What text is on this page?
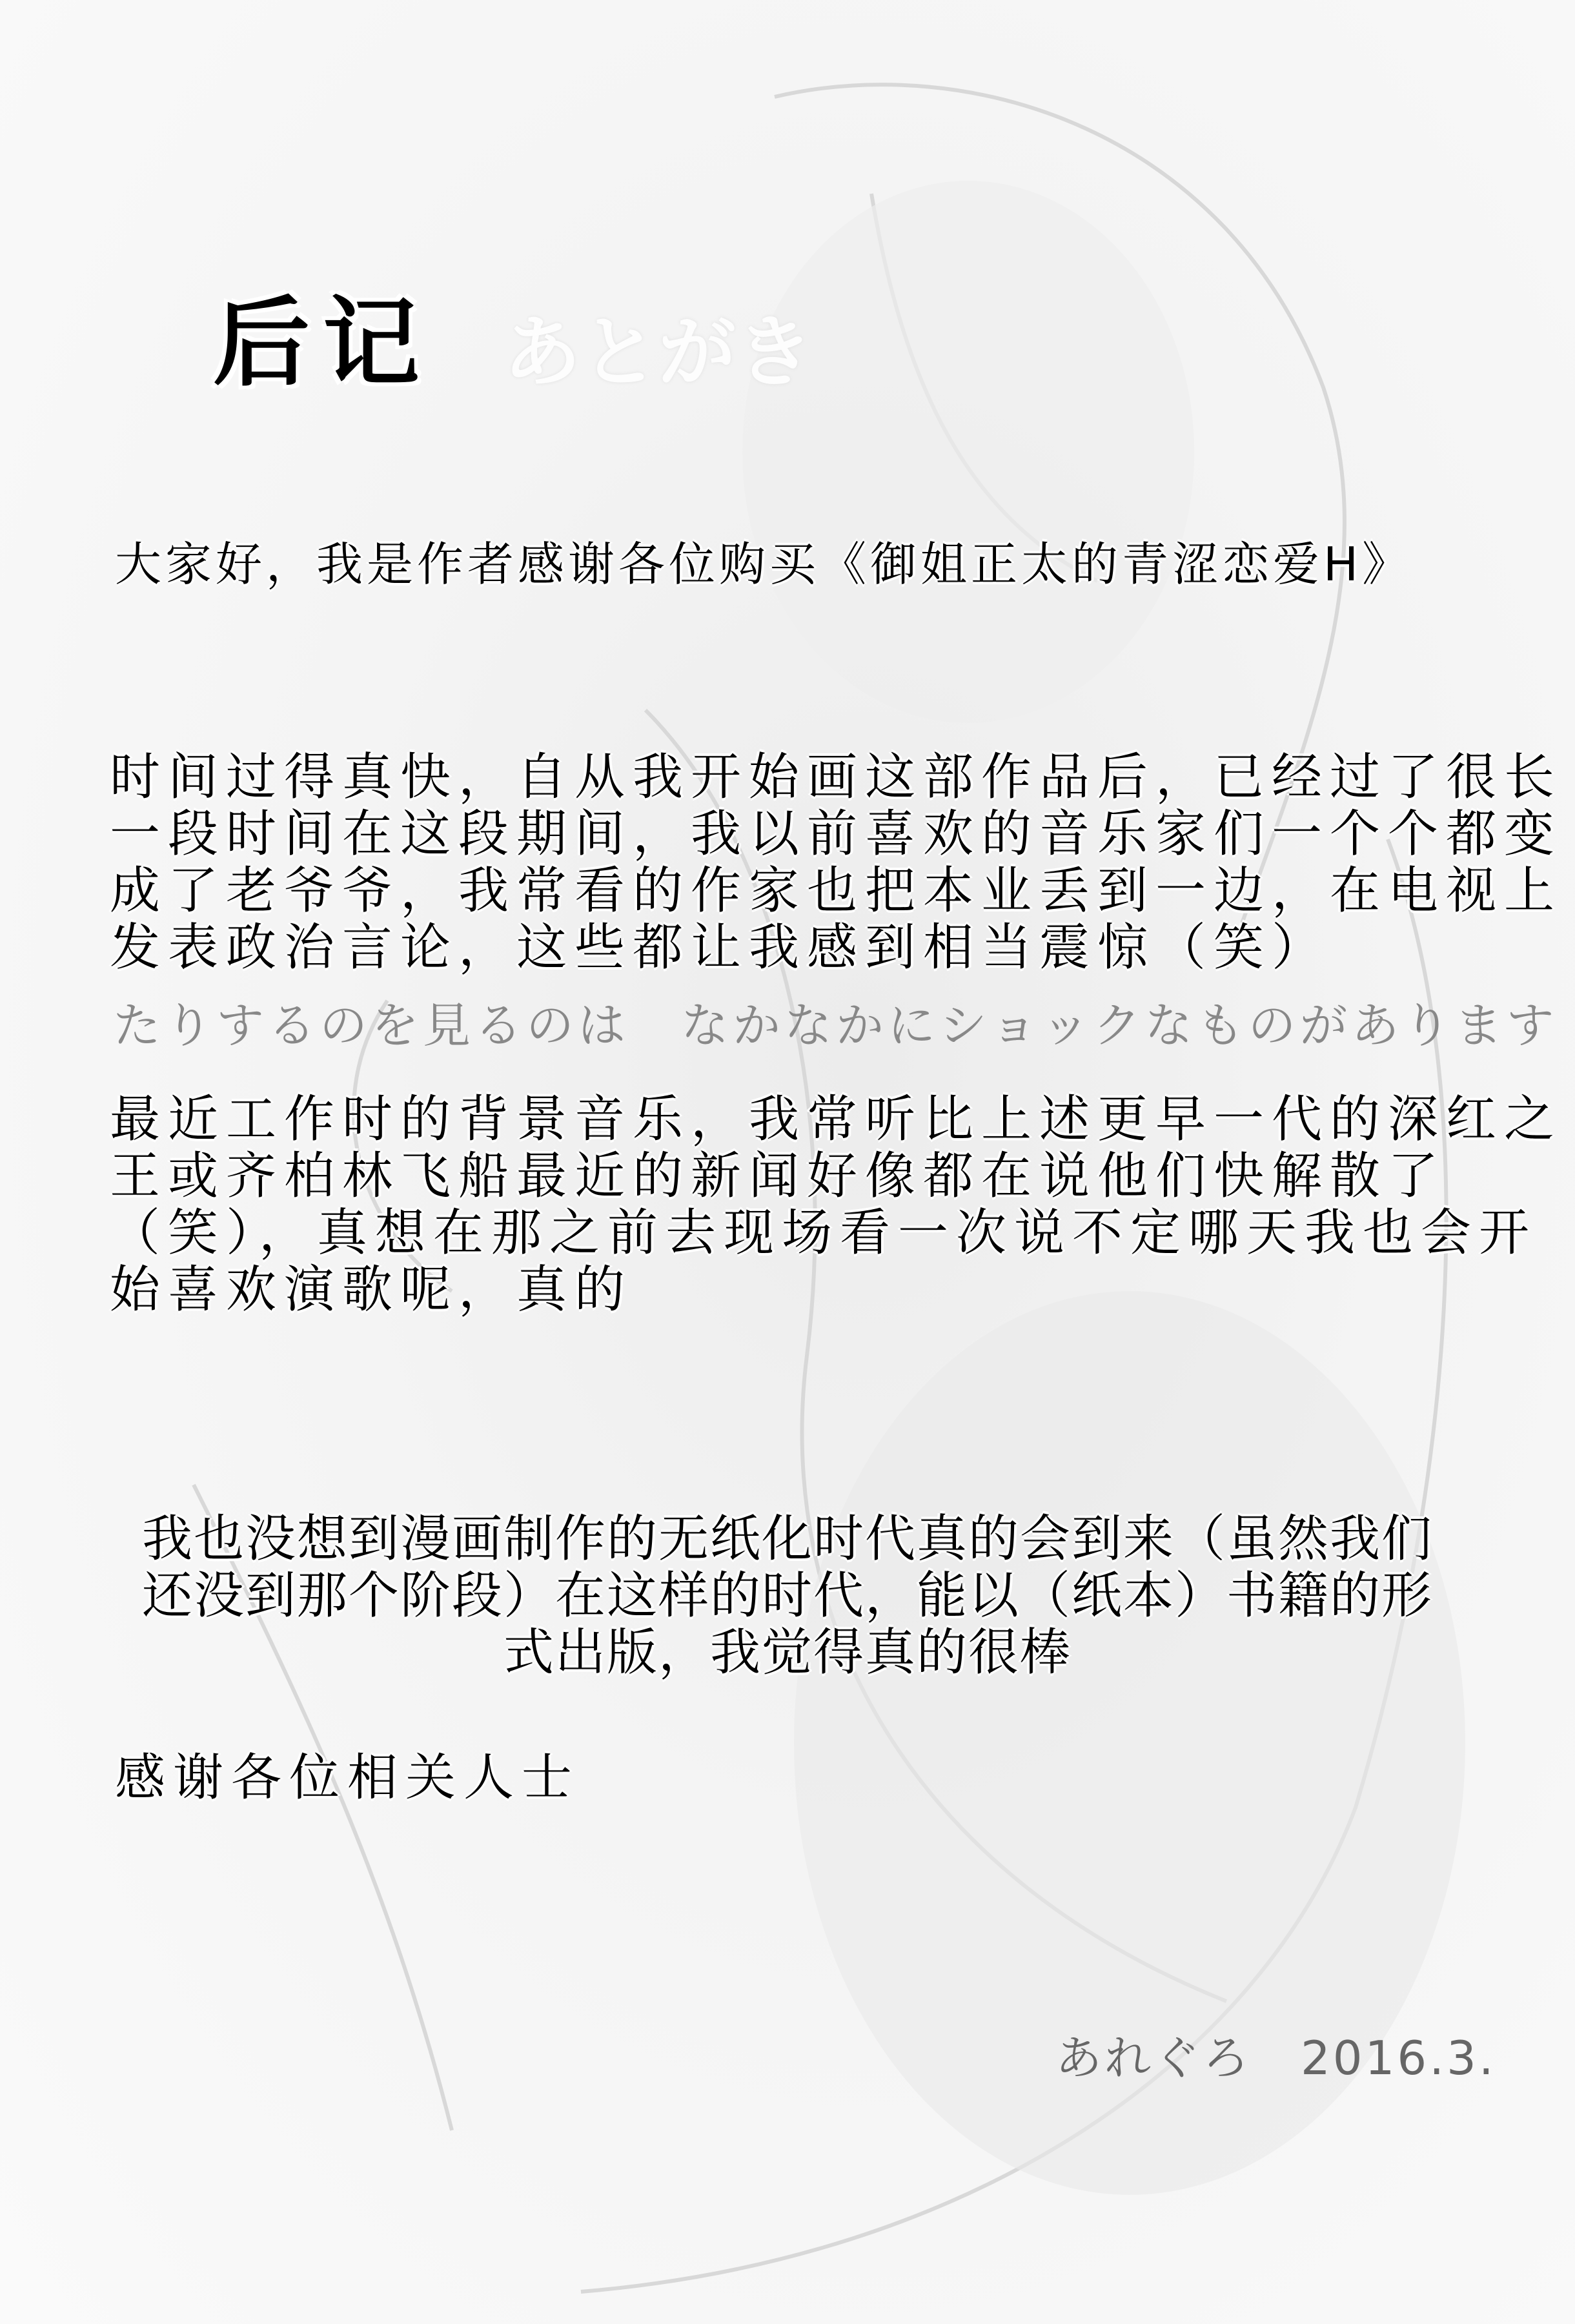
あとがき
后记
大家好，我是作者感谢各位购买《御姐正太的青涩恋爱H》
时间过得真快，自从我开始画这部作品后，已经过了很长
一段时间在这段期间，我以前喜欢的音乐家们一个个都变
成了老爷爷，我常看的作家也把本业丢到一边，在电视上
发表政治言论，这些都让我感到相当震惊（笑）
たりするのを見るのは　なかなかにショックなものがあります
最近工作时的背景音乐，我常听比上述更早一代的深红之
王或齐柏林飞船最近的新闻好像都在说他们快解散了
（笑），真想在那之前去现场看一次说不定哪天我也会开
始喜欢演歌呢，真的
我也没想到漫画制作的无纸化时代真的会到来（虽然我们
还没到那个阶段）在这样的时代，能以（纸本）书籍的形
式出版，我觉得真的很棒
感谢各位相关人士
あれぐろ　2016.3.
